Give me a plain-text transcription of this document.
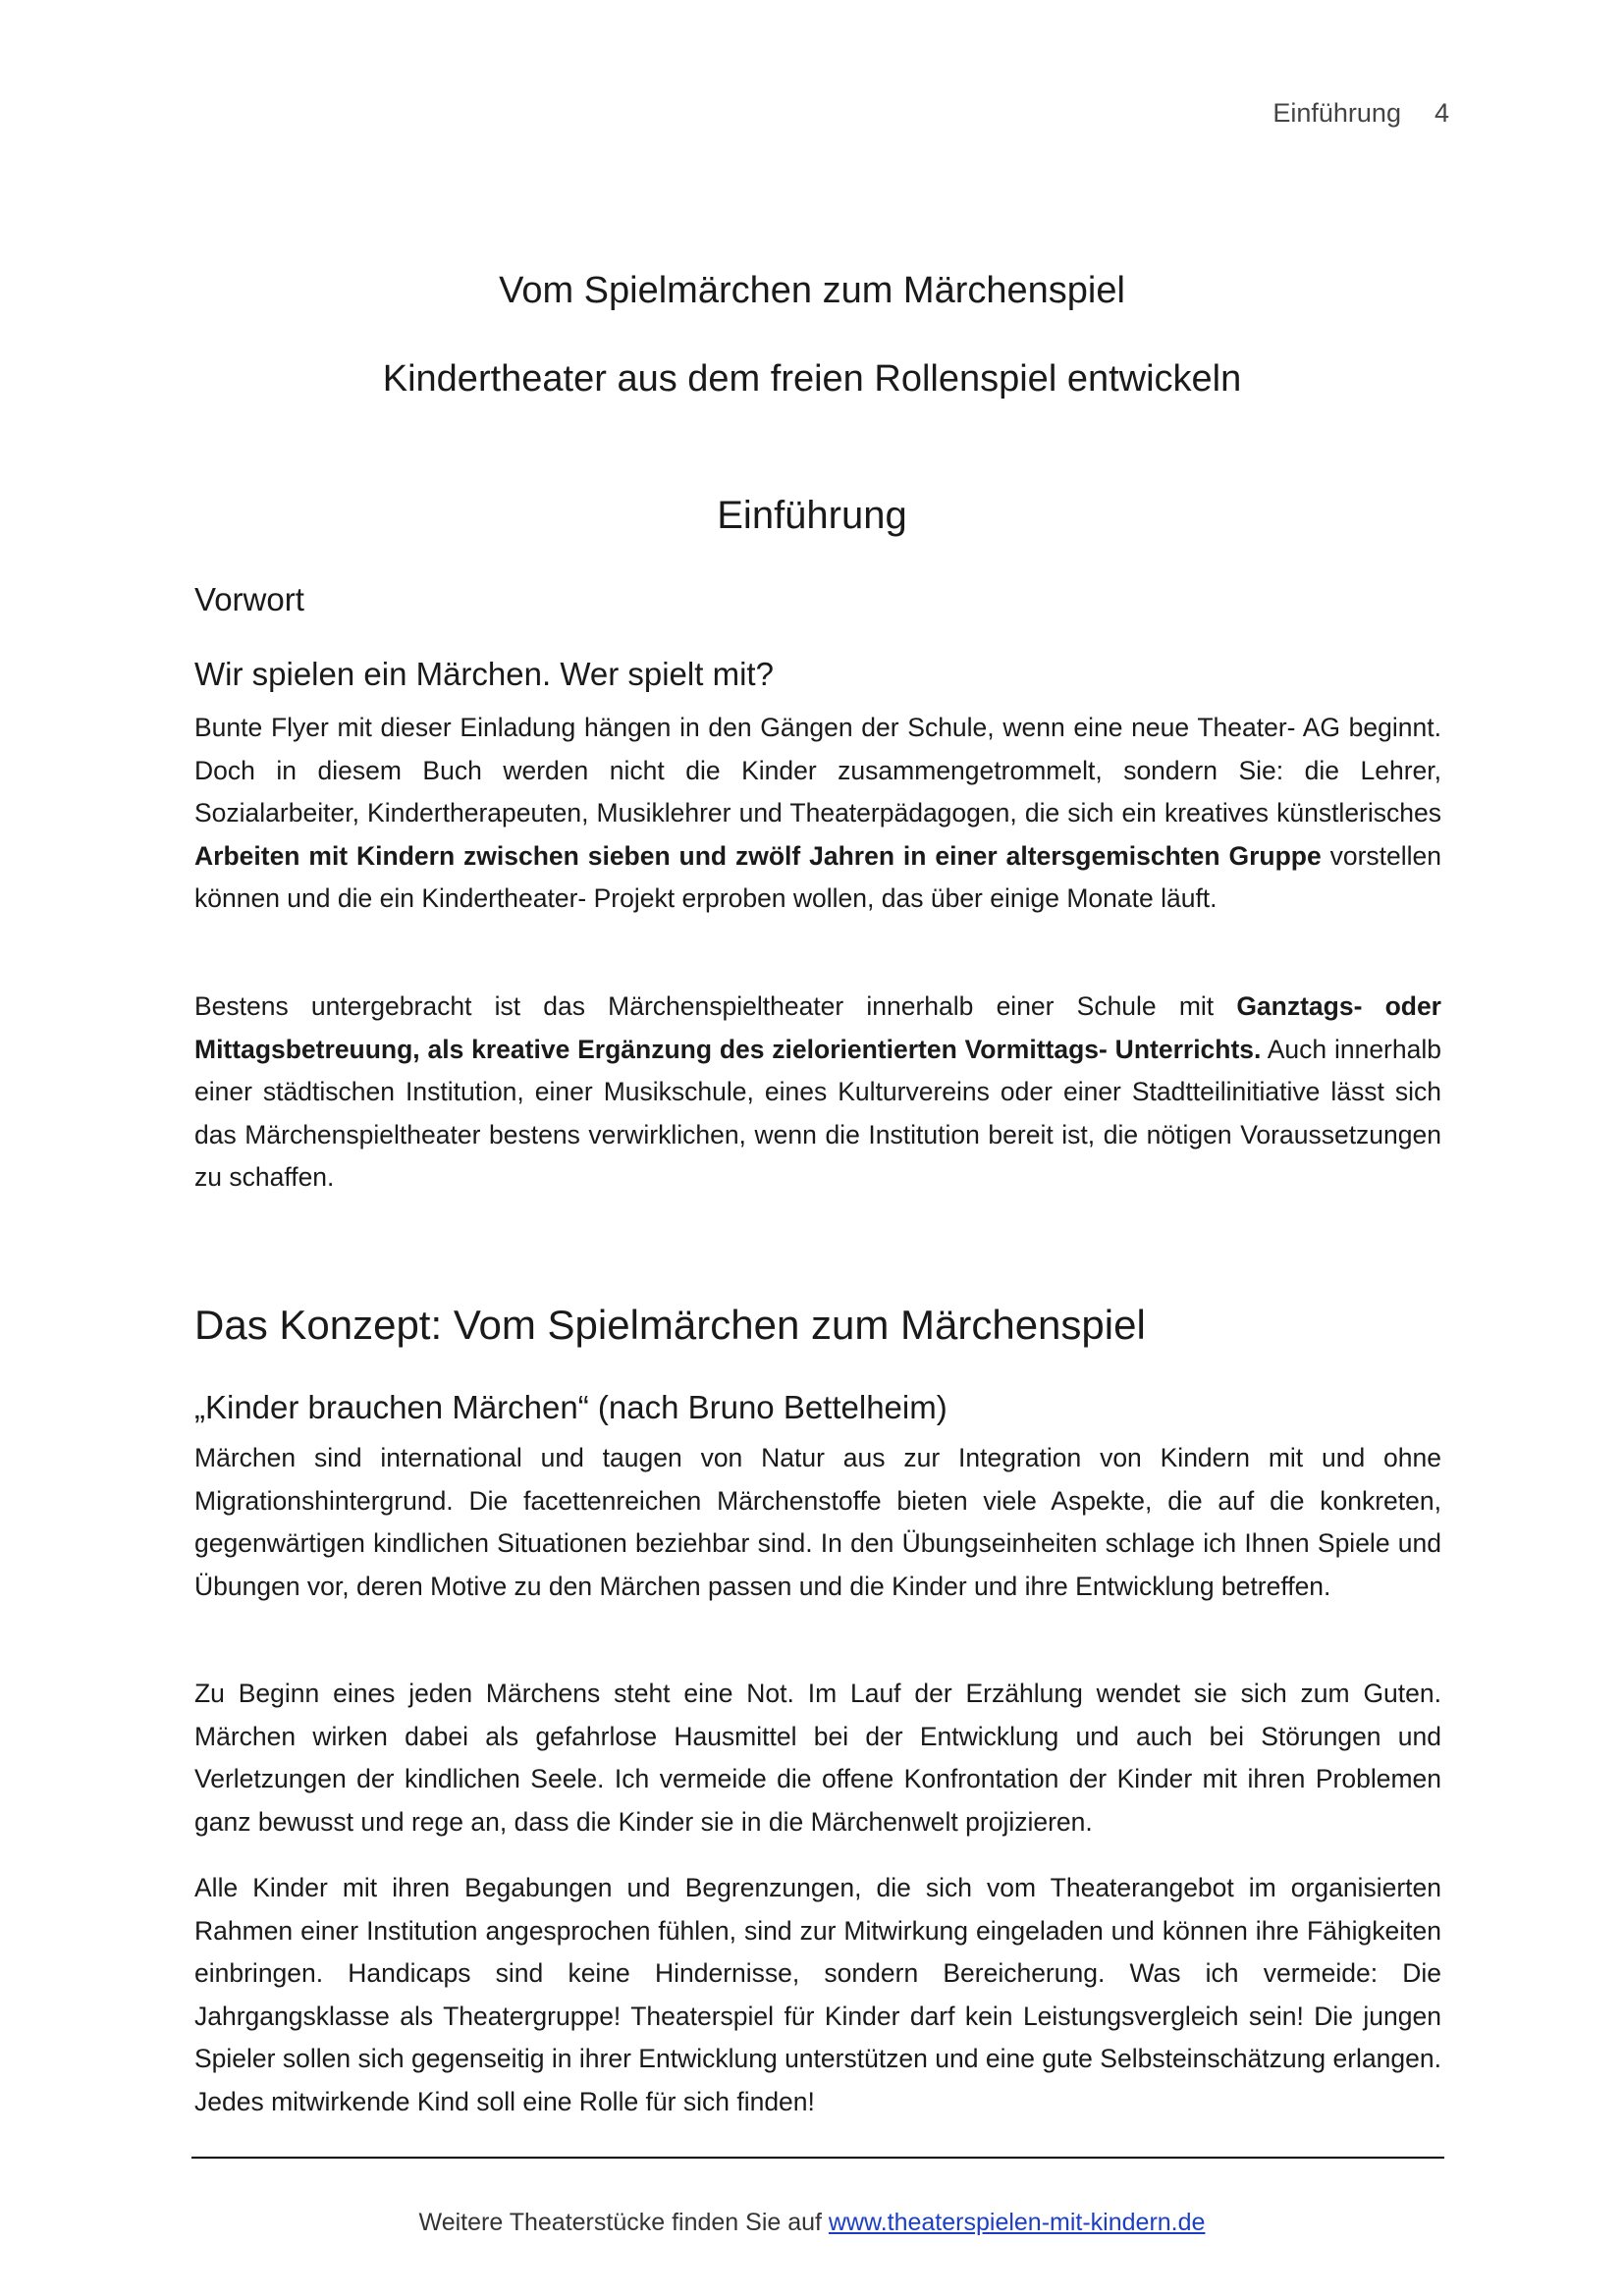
Einführung 4
Vom Spielmärchen zum Märchenspiel
Kindertheater aus dem freien Rollenspiel entwickeln
Einführung
Vorwort
Wir spielen ein Märchen. Wer spielt mit?

Bunte Flyer mit dieser Einladung hängen in den Gängen der Schule, wenn eine neue Theater- AG beginnt. Doch in diesem Buch werden nicht die Kinder zusammengetrommelt, sondern Sie: die Lehrer, Sozialarbeiter, Kindertherapeuten, Musiklehrer und Theaterpädagogen, die sich ein kreatives künstlerisches Arbeiten mit Kindern zwischen sieben und zwölf Jahren in einer altersgemischten Gruppe vorstellen können und die ein Kindertheater- Projekt erproben wollen, das über einige Monate läuft.

Bestens untergebracht ist das Märchenspieltheater innerhalb einer Schule mit Ganztags- oder Mittagsbetreuung, als kreative Ergänzung des zielorientierten Vormittags- Unterrichts. Auch innerhalb einer städtischen Institution, einer Musikschule, eines Kulturvereins oder einer Stadtteilinitiative lässt sich das Märchenspieltheater bestens verwirklichen, wenn die Institution bereit ist, die nötigen Voraussetzungen zu schaffen.

Das Konzept: Vom Spielmärchen zum Märchenspiel
„Kinder brauchen Märchen“ (nach Bruno Bettelheim)

Märchen sind international und taugen von Natur aus zur Integration von Kindern mit und ohne Migrationshintergrund. Die facettenreichen Märchenstoffe bieten viele Aspekte, die auf die konkreten, gegenwärtigen kindlichen Situationen beziehbar sind. In den Übungseinheiten schlage ich Ihnen Spiele und Übungen vor, deren Motive zu den Märchen passen und die Kinder und ihre Entwicklung betreffen.

Zu Beginn eines jeden Märchens steht eine Not. Im Lauf der Erzählung wendet sie sich zum Guten. Märchen wirken dabei als gefahrlose Hausmittel bei der Entwicklung und auch bei Störungen und Verletzungen der kindlichen Seele. Ich vermeide die offene Konfrontation der Kinder mit ihren Problemen ganz bewusst und rege an, dass die Kinder sie in die Märchenwelt projizieren.

Alle Kinder mit ihren Begabungen und Begrenzungen, die sich vom Theaterangebot im organisierten Rahmen einer Institution angesprochen fühlen, sind zur Mitwirkung eingeladen und können ihre Fähigkeiten einbringen. Handicaps sind keine Hindernisse, sondern Bereicherung. Was ich vermeide: Die Jahrgangsklasse als Theatergruppe! Theaterspiel für Kinder darf kein Leistungsvergleich sein! Die jungen Spieler sollen sich gegenseitig in ihrer Entwicklung unterstützen und eine gute Selbsteinschätzung erlangen. Jedes mitwirkende Kind soll eine Rolle für sich finden!

Weitere Theaterstücke finden Sie auf www.theaterspielen-mit-kindern.de
